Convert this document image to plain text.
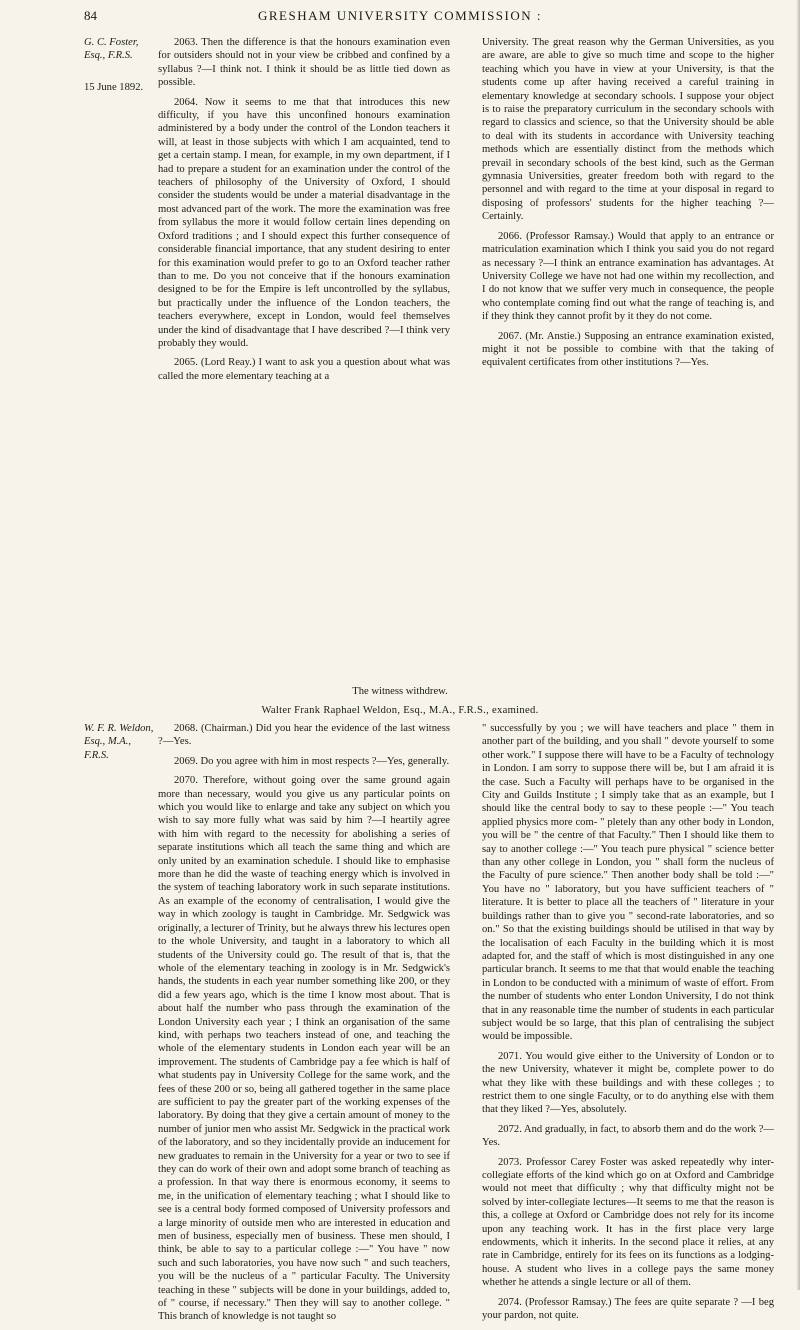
84	GRESHAM UNIVERSITY COMMISSION :
G. C. Foster, Esq., F.R.S.
15 June 1892.

2063. Then the difference is that the honours examination even for outsiders should not in your view be cribbed and confined by a syllabus ?—I think not. I think it should be as little tied down as possible.

2064. Now it seems to me that that introduces this new difficulty, if you have this unconfined honours examination administered by a body under the control of the London teachers it will, at least in those subjects with which I am acquainted, tend to get a certain stamp. I mean, for example, in my own department, if I had to prepare a student for an examination under the control of the teachers of philosophy of the University of Oxford, I should consider the students would be under a material disadvantage in the most advanced part of the work. The more the examination was free from syllabus the more it would follow certain lines depending on Oxford traditions ; and I should expect this further consequence of considerable financial importance, that any student desiring to enter for this examination would prefer to go to an Oxford teacher rather than to me. Do you not conceive that if the honours examination designed to be for the Empire is left uncontrolled by the syllabus, but practically under the influence of the London teachers, the teachers everywhere, except in London, would feel themselves under the kind of disadvantage that I have described ?—I think very probably they would.

2065. (Lord Reay.) I want to ask you a question about what was called the more elementary teaching at a

University. The great reason why the German Universities, as you are aware, are able to give so much time and scope to the higher teaching which you have in view at your University, is that the students come up after having received a careful training in elementary knowledge at secondary schools. I suppose your object is to raise the preparatory curriculum in the secondary schools with regard to classics and science, so that the University should be able to deal with its students in accordance with University teaching methods which are essentially distinct from the methods which prevail in secondary schools of the best kind, such as the German gymnasia Universities, greater freedom both with regard to the personnel and with regard to the time at your disposal in regard to disposing of professors' students for the higher teaching ?—Certainly.

2066. (Professor Ramsay.) Would that apply to an entrance or matriculation examination which I think you said you do not regard as necessary ?—I think an entrance examination has advantages. At University College we have not had one within my recollection, and I do not know that we suffer very much in consequence, the people who contemplate coming find out what the range of teaching is, and if they think they cannot profit by it they do not come.

2067. (Mr. Anstie.) Supposing an entrance examination existed, might it not be possible to combine with that the taking of equivalent certificates from other institutions ?—Yes.

The witness withdrew.
Walter Frank Raphael Weldon, Esq., M.A., F.R.S., examined.
W. F. R. Weldon, Esq., M.A., F.R.S.

2068. (Chairman.) Did you hear the evidence of the last witness ?—Yes.

2069. Do you agree with him in most respects ?—Yes, generally.

2070. Therefore, without going over the same ground again more than necessary, would you give us any particular points on which you would like to enlarge and take any subject on which you wish to say more fully what was said by him ?—I heartily agree with him with regard to the necessity for abolishing a series of separate institutions which all teach the same thing and which are only united by an examination schedule. I should like to emphasise more than he did the waste of teaching energy which is involved in the system of teaching laboratory work in such separate institutions. As an example of the economy of centralisation, I would give the way in which zoology is taught in Cambridge. Mr. Sedgwick was originally, a lecturer of Trinity, but he always threw his lectures open to the whole University, and taught in a laboratory to which all students of the University could go. The result of that is, that the whole of the elementary teaching in zoology is in Mr. Sedgwick's hands, the students in each year number something like 200, or they did a few years ago, which is the time I know most about. That is about half the number who pass through the examination of the London University each year ; I think an organisation of the same kind, with perhaps two teachers instead of one, and teaching the whole of the elementary students in London each year will be an improvement. The students of Cambridge pay a fee which is half of what students pay in University College for the same work, and the fees of these 200 or so, being all gathered together in the same place are sufficient to pay the greater part of the working expenses of the laboratory. By doing that they give a certain amount of money to the number of junior men who assist Mr. Sedgwick in the practical work of the laboratory, and so they incidentally provide an inducement for new graduates to remain in the University for a year or two to see if they can do work of their own and adopt some branch of teaching as a profession. In that way there is enormous economy, it seems to me, in the unification of elementary teaching ; what I should like to see is a central body formed composed of University professors and a large minority of outside men who are interested in education and men of business, especially men of business. These men should, I think, be able to say to a particular college :—" You have " now such and such laboratories, you have now such " and such teachers, you will be the nucleus of a " particular Faculty. The University teaching in these " subjects will be done in your buildings, added to, of " course, if necessary." Then they will say to another college. " This branch of knowledge is not taught so

" successfully by you ; we will have teachers and place " them in another part of the building, and you shall " devote yourself to some other work." I suppose there will have to be a Faculty of technology in London. I am sorry to suppose there will be, but I am afraid it is the case. Such a Faculty will perhaps have to be organised in the City and Guilds Institute ; I simply take that as an example, but I should like the central body to say to these people :—" You teach applied physics more com- " pletely than any other body in London, you will be " the centre of that Faculty." Then I should like them to say to another college :—" You teach pure physical " science better than any other college in London, you " shall form the nucleus of the Faculty of pure science." Then another body shall be told :—" You have no " laboratory, but you have sufficient teachers of " literature. It is better to place all the teachers of " literature in your buildings rather than to give you " second-rate laboratories, and so on." So that the existing buildings should be utilised in that way by the localisation of each Faculty in the building which it is most adapted for, and the staff of which is most distinguished in any one particular branch. It seems to me that that would enable the teaching in London to be conducted with a minimum of waste of effort. From the number of students who enter London University, I do not think that in any reasonable time the number of students in each particular subject would be so large, that this plan of centralising the subject would be impossible.

2071. You would give either to the University of London or to the new University, whatever it might be, complete power to do what they like with these buildings and with these colleges ; to restrict them to one single Faculty, or to do anything else with them that they liked ?—Yes, absolutely.

2072. And gradually, in fact, to absorb them and do the work ?—Yes.

2073. Professor Carey Foster was asked repeatedly why inter-collegiate efforts of the kind which go on at Oxford and Cambridge would not meet that difficulty ; why that difficulty might not be solved by inter-collegiate lectures—It seems to me that the reason is this, a college at Oxford or Cambridge does not rely for its income upon any teaching work. It has in the first place very large endowments, which it inherits. In the second place it relies, at any rate in Cambridge, entirely for its fees on its functions as a lodging-house. A student who lives in a college pays the same money whether he attends a single lecture or all of them.

2074. (Professor Ramsay.) The fees are quite separate ? —I beg your pardon, not quite.
